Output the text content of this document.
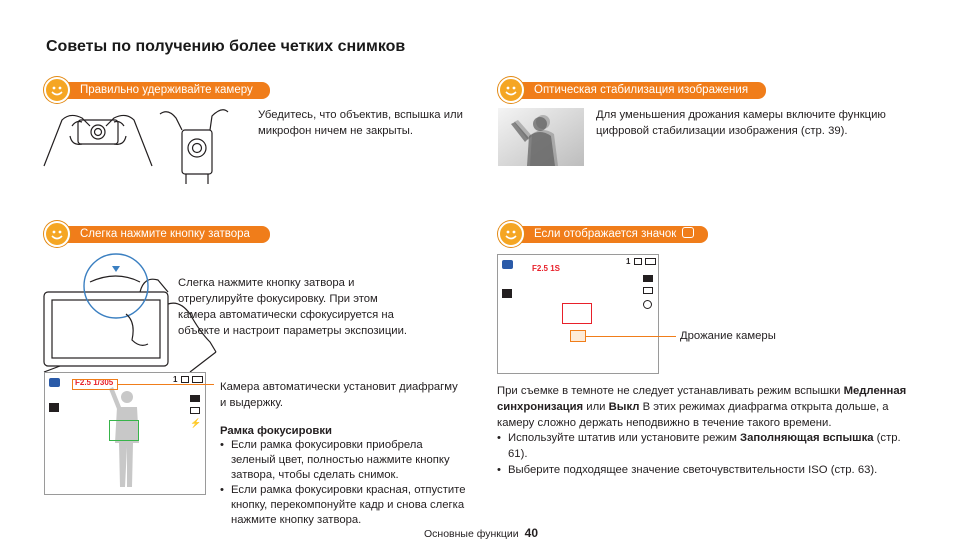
Советы по получению более четких снимков
Правильно удерживайте камеру
Убедитесь, что объектив, вспышка или микрофон ничем не закрыты.
Оптическая стабилизация изображения
Для уменьшения дрожания камеры включите функцию цифровой стабилизации изображения (стр. 39).
Слегка нажмите кнопку затвора
Слегка нажмите кнопку затвора и отрегулируйте фокусировку. При этом камера автоматически сфокусируется на объекте и настроит параметры экспозиции.
F2.5 1/305	1
⚡
Камера автоматически установит диафрагму и выдержку.
Рамка фокусировки
• Если рамка фокусировки приобрела зеленый цвет, полностью нажмите кнопку затвора, чтобы сделать снимок.
• Если рамка фокусировки красная, отпустите кнопку, перекомпонуйте кадр и снова слегка нажмите кнопку затвора.
Если отображается значок
F2.5 1S
1
Дрожание камеры
При съемке в темноте не следует устанавливать режим вспышки Медленная синхронизация или Выкл В этих режимах диафрагма открыта дольше, а камеру сложно держать неподвижно в течение такого времени.
• Используйте штатив или установите режим Заполняющая вспышка (стр. 61).
• Выберите подходящее значение светочувствительности ISO (стр. 63).
Основные функции 40
